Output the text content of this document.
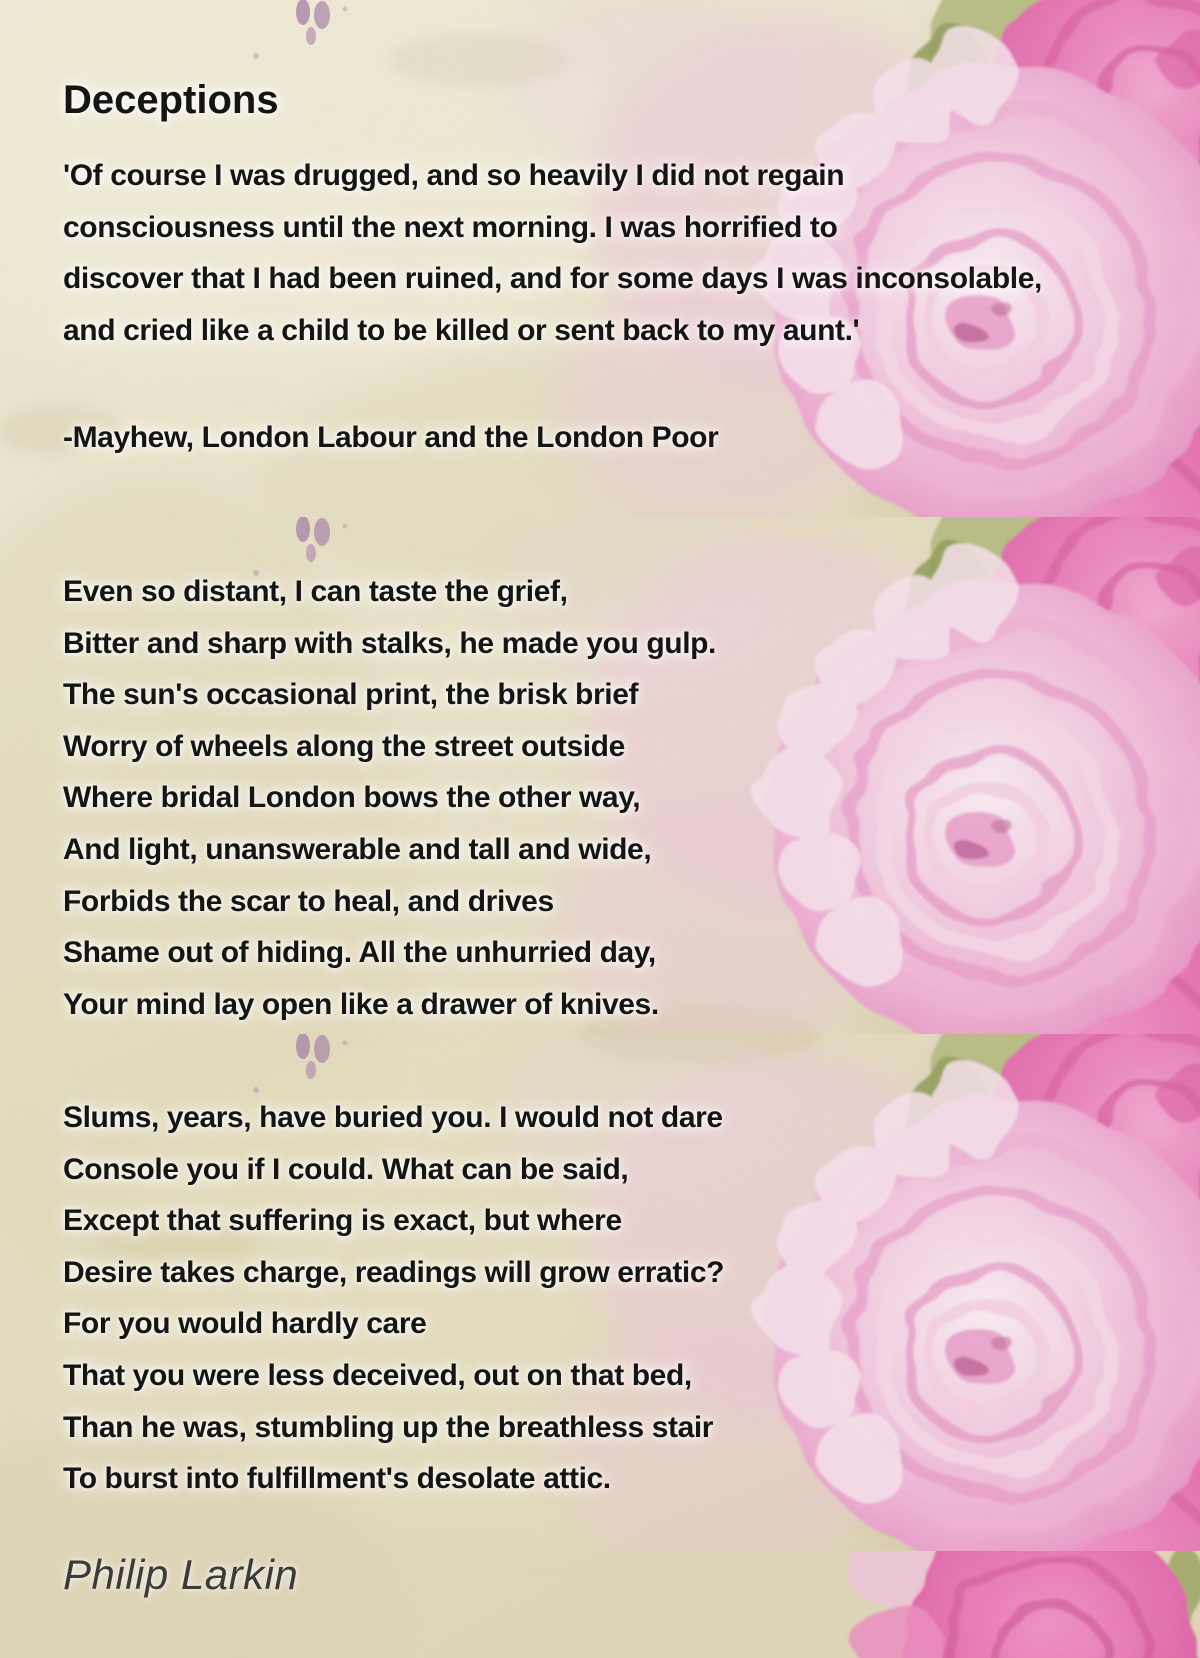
Deceptions
'Of course I was drugged, and so heavily I did not regain
consciousness until the next morning. I was horrified to
discover that I had been ruined, and for some days I was inconsolable,
and cried like a child to be killed or sent back to my aunt.'
-Mayhew, London Labour and the London Poor
Even so distant, I can taste the grief,
Bitter and sharp with stalks, he made you gulp.
The sun's occasional print, the brisk brief
Worry of wheels along the street outside
Where bridal London bows the other way,
And light, unanswerable and tall and wide,
Forbids the scar to heal, and drives
Shame out of hiding. All the unhurried day,
Your mind lay open like a drawer of knives.
Slums, years, have buried you. I would not dare
Console you if I could. What can be said,
Except that suffering is exact, but where
Desire takes charge, readings will grow erratic?
For you would hardly care
That you were less deceived, out on that bed,
Than he was, stumbling up the breathless stair
To burst into fulfillment's desolate attic.
Philip Larkin
